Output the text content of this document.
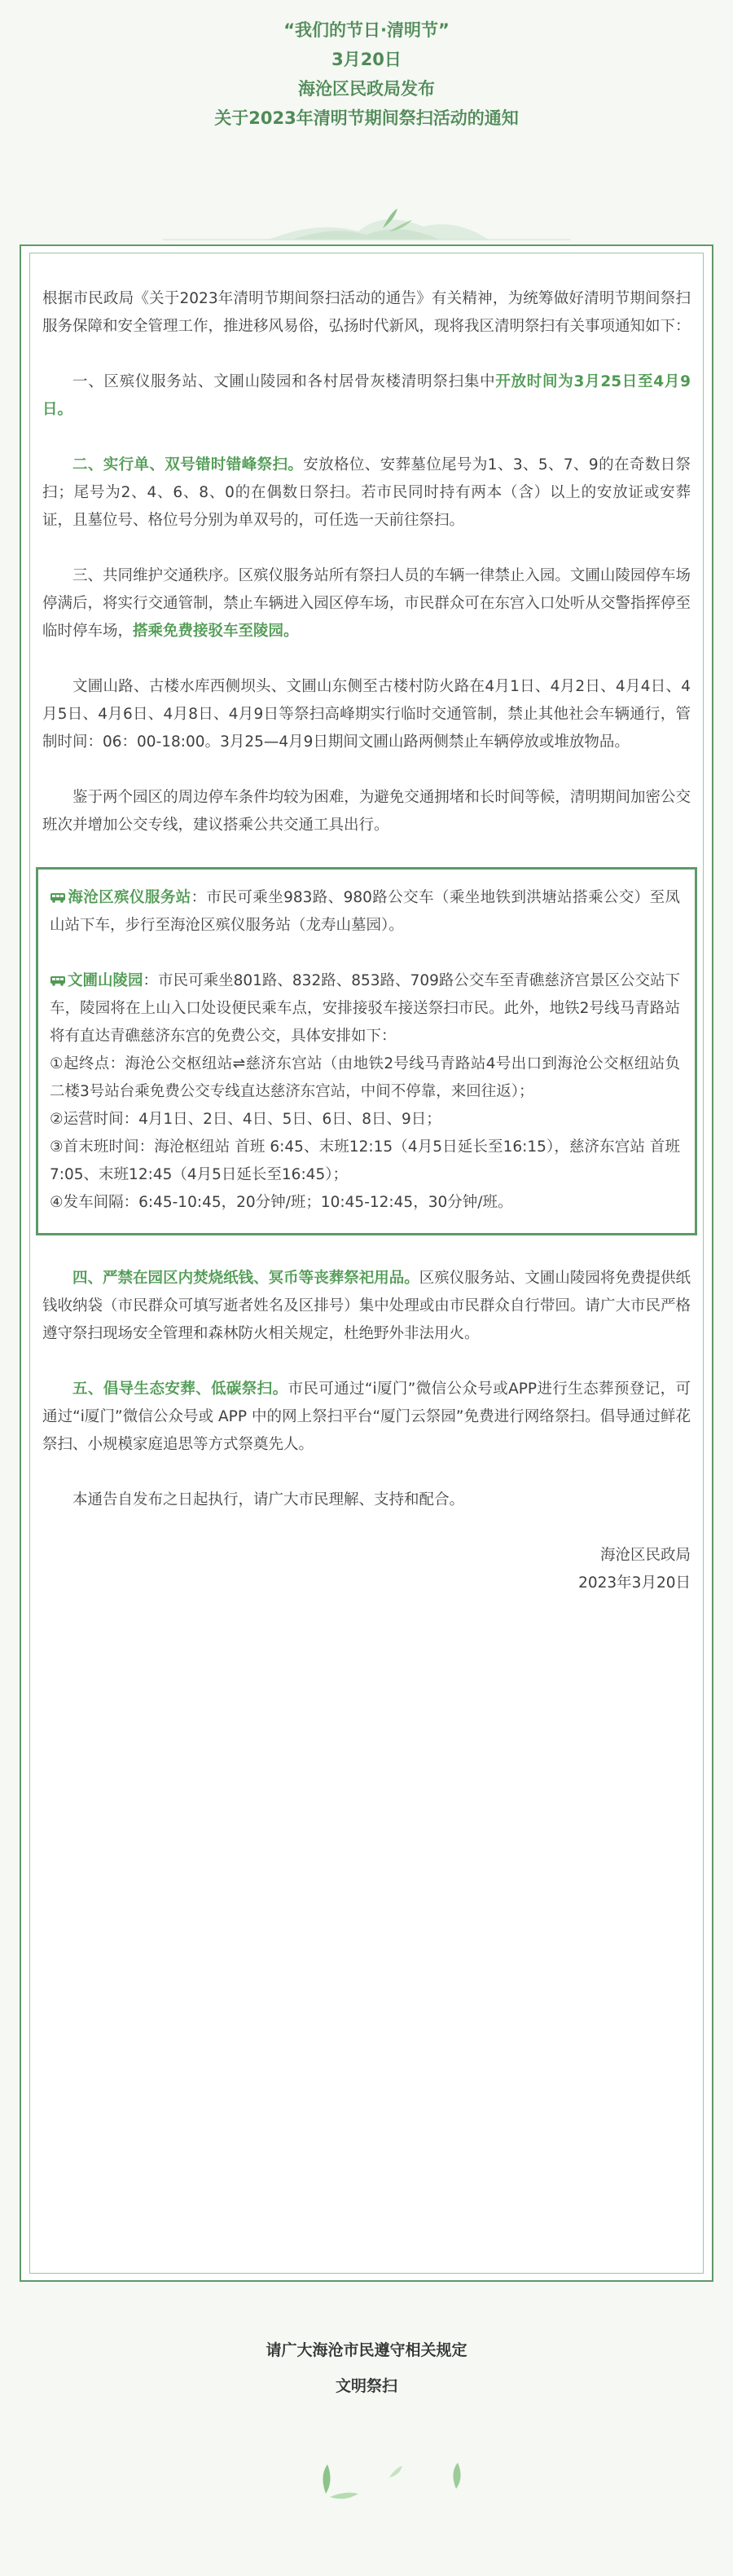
“我们的节日·清明节”

3月20日

海沧区民政局发布

关于2023年清明节期间祭扫活动的通知

根据市民政局《关于2023年清明节期间祭扫活动的通告》有关精神，为统筹做好清明节期间祭扫服务保障和安全管理工作，推进移风易俗，弘扬时代新风，现将我区清明祭扫有关事项通知如下：

一、区殡仪服务站、文圃山陵园和各村居骨灰楼清明祭扫集中开放时间为3月25日至4月9日。

二、实行单、双号错时错峰祭扫。安放格位、安葬墓位尾号为1、3、5、7、9的在奇数日祭扫；尾号为2、4、6、8、0的在偶数日祭扫。若市民同时持有两本（含）以上的安放证或安葬证，且墓位号、格位号分别为单双号的，可任选一天前往祭扫。

三、共同维护交通秩序。区殡仪服务站所有祭扫人员的车辆一律禁止入园。文圃山陵园停车场停满后，将实行交通管制，禁止车辆进入园区停车场，市民群众可在东宫入口处听从交警指挥停至临时停车场，搭乘免费接驳车至陵园。

文圃山路、古楼水库西侧坝头、文圃山东侧至古楼村防火路在4月1日、4月2日、4月4日、4月5日、4月6日、4月8日、4月9日等祭扫高峰期实行临时交通管制，禁止其他社会车辆通行，管制时间：06：00-18:00。3月25—4月9日期间文圃山路两侧禁止车辆停放或堆放物品。

鉴于两个园区的周边停车条件均较为困难，为避免交通拥堵和长时间等候，清明期间加密公交班次并增加公交专线，建议搭乘公共交通工具出行。

海沧区殡仪服务站：市民可乘坐983路、980路公交车（乘坐地铁到洪塘站搭乘公交）至凤山站下车，步行至海沧区殡仪服务站（龙寿山墓园）。

文圃山陵园：市民可乘坐801路、832路、853路、709路公交车至青礁慈济宫景区公交站下车，陵园将在上山入口处设便民乘车点，安排接驳车接送祭扫市民。此外，地铁2号线马青路站将有直达青礁慈济东宫的免费公交，具体安排如下：

①起终点：海沧公交枢纽站⇌慈济东宫站（由地铁2号线马青路站4号出口到海沧公交枢纽站负二楼3号站台乘免费公交专线直达慈济东宫站，中间不停靠，来回往返）；

②运营时间：4月1日、2日、4日、5日、6日、8日、9日；

③首末班时间：海沧枢纽站 首班 6:45、末班12:15（4月5日延长至16:15），慈济东宫站 首班 7:05、末班12:45（4月5日延长至16:45）；

④发车间隔：6:45-10:45，20分钟/班；10:45-12:45，30分钟/班。

四、严禁在园区内焚烧纸钱、冥币等丧葬祭祀用品。区殡仪服务站、文圃山陵园将免费提供纸钱收纳袋（市民群众可填写逝者姓名及区排号）集中处理或由市民群众自行带回。请广大市民严格遵守祭扫现场安全管理和森林防火相关规定，杜绝野外非法用火。

五、倡导生态安葬、低碳祭扫。市民可通过“i厦门”微信公众号或APP进行生态葬预登记，可通过“i厦门”微信公众号或 APP 中的网上祭扫平台“厦门云祭园”免费进行网络祭扫。倡导通过鲜花祭扫、小规模家庭追思等方式祭奠先人。

本通告自发布之日起执行，请广大市民理解、支持和配合。

海沧区民政局

2023年3月20日

请广大海沧市民遵守相关规定

文明祭扫
